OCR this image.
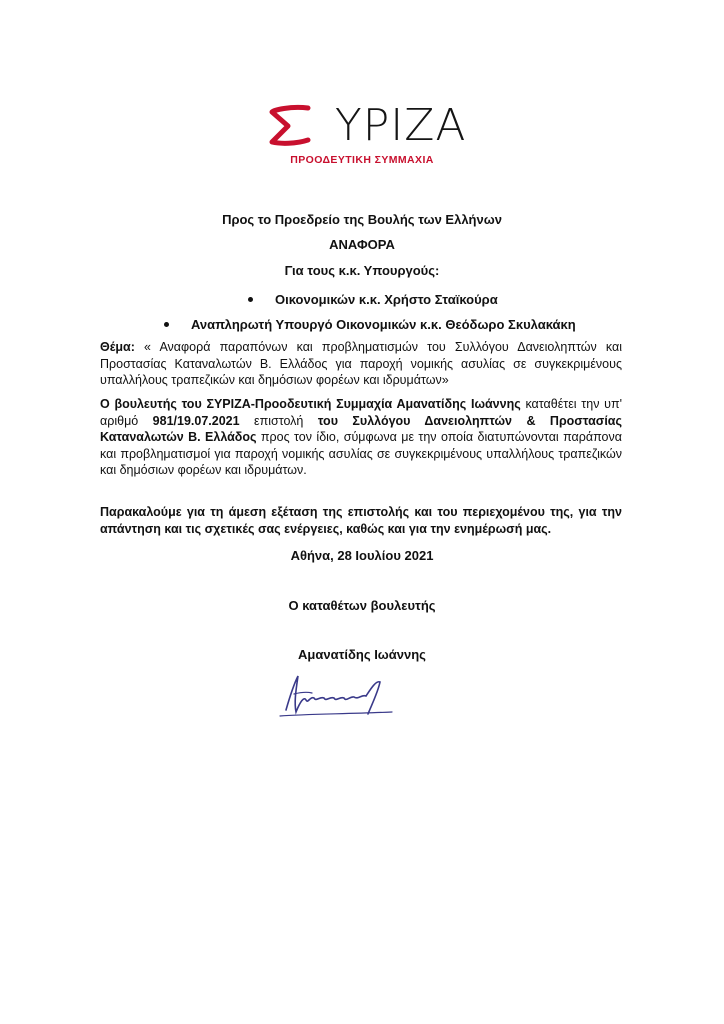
ΥΡΙΖΑ
ΠΡΟΟΔΕΥΤΙΚΗ ΣΥΜΜΑΧΙΑ
Προς το Προεδρείο της Βουλής των Ελλήνων
ΑΝΑΦΟΡΑ
Για τους κ.κ. Υπουργούς:
Οικονομικών κ.κ. Χρήστο Σταϊκούρα
Αναπληρωτή Υπουργό Οικονομικών κ.κ. Θεόδωρο Σκυλακάκη
Θέμα: « Αναφορά παραπόνων και προβληματισμών του Συλλόγου Δανειοληπτών και Προστασίας Καταναλωτών Β. Ελλάδος για παροχή νομικής ασυλίας σε συγκεκριμένους υπαλλήλους τραπεζικών και δημόσιων φορέων και ιδρυμάτων»
Ο βουλευτής του ΣΥΡΙΖΑ-Προοδευτική Συμμαχία Αμανατίδης Ιωάννης καταθέτει την υπ' αριθμό 981/19.07.2021 επιστολή του Συλλόγου Δανειοληπτών & Προστασίας Καταναλωτών Β. Ελλάδος προς τον ίδιο, σύμφωνα με την οποία διατυπώνονται παράπονα και προβληματισμοί για παροχή νομικής ασυλίας σε συγκεκριμένους υπαλλήλους τραπεζικών και δημόσιων φορέων και ιδρυμάτων.
Παρακαλούμε για τη άμεση εξέταση της επιστολής και του περιεχομένου της, για την απάντηση και τις σχετικές σας ενέργειες, καθώς και για την ενημέρωσή μας.
Αθήνα, 28 Ιουλίου 2021
Ο καταθέτων βουλευτής
Αμανατίδης Ιωάννης
